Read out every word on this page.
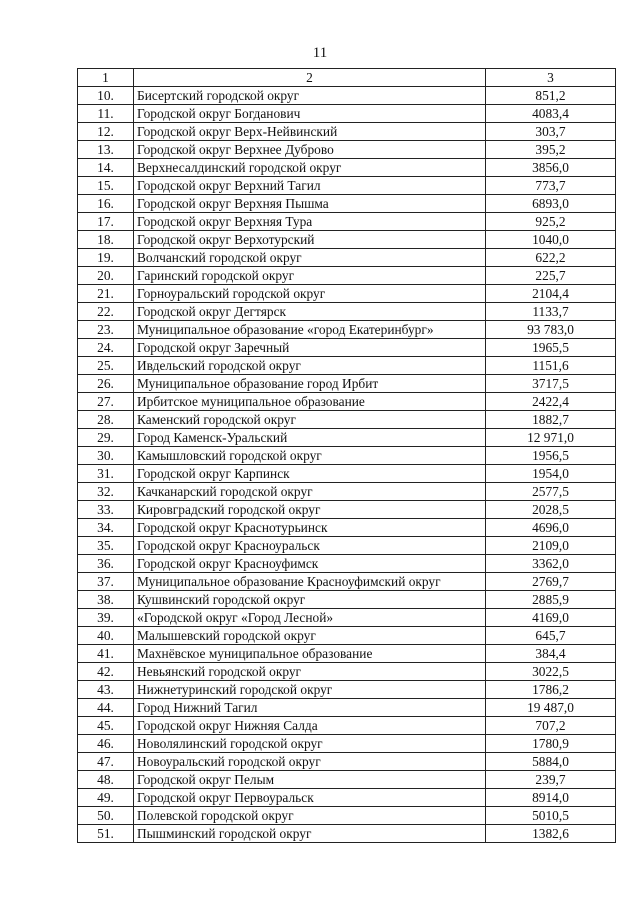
11
1	2	3
10.	Бисертский городской округ	851,2
11.	Городской округ Богданович	4083,4
12.	Городской округ Верх-Нейвинский	303,7
13.	Городской округ Верхнее Дуброво	395,2
14.	Верхнесалдинский городской округ	3856,0
15.	Городской округ Верхний Тагил	773,7
16.	Городской округ Верхняя Пышма	6893,0
17.	Городской округ Верхняя Тура	925,2
18.	Городской округ Верхотурский	1040,0
19.	Волчанский городской округ	622,2
20.	Гаринский городской округ	225,7
21.	Горноуральский городской округ	2104,4
22.	Городской округ Дегтярск	1133,7
23.	Муниципальное образование «город Екатеринбург»	93 783,0
24.	Городской округ Заречный	1965,5
25.	Ивдельский городской округ	1151,6
26.	Муниципальное образование город Ирбит	3717,5
27.	Ирбитское муниципальное образование	2422,4
28.	Каменский городской округ	1882,7
29.	Город Каменск-Уральский	12 971,0
30.	Камышловский городской округ	1956,5
31.	Городской округ Карпинск	1954,0
32.	Качканарский городской округ	2577,5
33.	Кировградский городской округ	2028,5
34.	Городской округ Краснотурьинск	4696,0
35.	Городской округ Красноуральск	2109,0
36.	Городской округ Красноуфимск	3362,0
37.	Муниципальное образование Красноуфимский округ	2769,7
38.	Кушвинский городской округ	2885,9
39.	«Городской округ «Город Лесной»	4169,0
40.	Малышевский городской округ	645,7
41.	Махнёвское муниципальное образование	384,4
42.	Невьянский городской округ	3022,5
43.	Нижнетуринский городской округ	1786,2
44.	Город Нижний Тагил	19 487,0
45.	Городской округ Нижняя Салда	707,2
46.	Новолялинский городской округ	1780,9
47.	Новоуральский городской округ	5884,0
48.	Городской округ Пелым	239,7
49.	Городской округ Первоуральск	8914,0
50.	Полевской городской округ	5010,5
51.	Пышминский городской округ	1382,6
